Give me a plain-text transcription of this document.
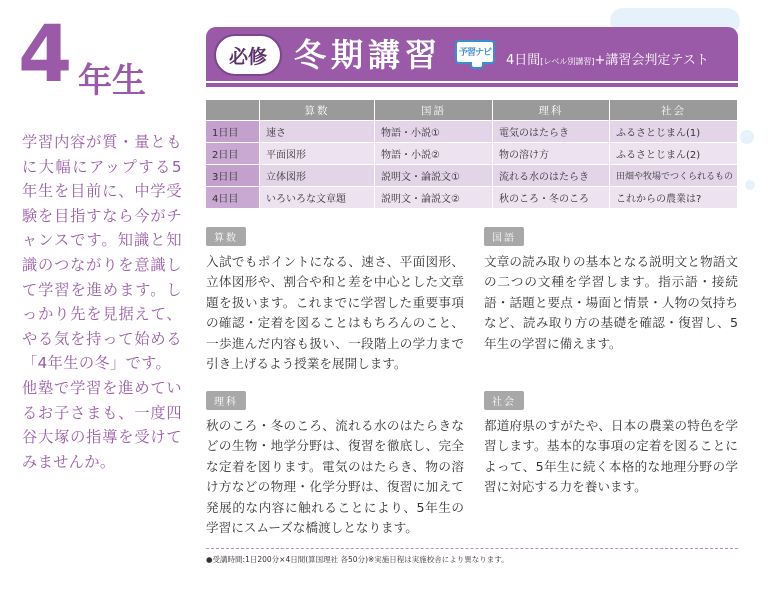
4 年生

学習内容が質・量ともに大幅にアップする5年生を目前に、中学受験を目指すなら今がチャンスです。知識と知識のつながりを意識して学習を進めます。しっかり先を見据えて、やる気を持って始める「4年生の冬」です。

他塾で学習を進めているお子さまも、一度四谷大塚の指導を受けてみませんか。

必修 冬期講習	予習ナビ	4日間[レベル別講習]+講習会判定テスト
	算数	国語	理科	社会
1日目	速さ	物語・小説①	電気のはたらき	ふるさとじまん(1)
2日目	平面図形	物語・小説②	物の溶け方	ふるさとじまん(2)
3日目	立体図形	説明文・論説文①	流れる水のはたらき	田畑や牧場でつくられるもの
4日目	いろいろな文章題	説明文・論説文②	秋のころ・冬のころ	これからの農業は?
算数

入試でもポイントになる、速さ、平面図形、立体図形や、割合や和と差を中心とした文章題を扱います。これまでに学習した重要事項の確認・定着を図ることはもちろんのこと、一歩進んだ内容も扱い、一段階上の学力まで引き上げるよう授業を展開します。

国語

文章の読み取りの基本となる説明文と物語文の二つの文種を学習します。指示語・接続語・話題と要点・場面と情景・人物の気持ちなど、読み取り方の基礎を確認・復習し、5年生の学習に備えます。

理科

秋のころ・冬のころ、流れる水のはたらきなどの生物・地学分野は、復習を徹底し、完全な定着を図ります。電気のはたらき、物の溶け方などの物理・化学分野は、復習に加えて発展的な内容に触れることにより、5年生の学習にスムーズな橋渡しとなります。

社会

都道府県のすがたや、日本の農業の特色を学習します。基本的な事項の定着を図ることによって、5年生に続く本格的な地理分野の学習に対応する力を養います。

●受講時間:1日200分×4日間(算国理社 各50分)※実施日程は実施校舎により異なります。
